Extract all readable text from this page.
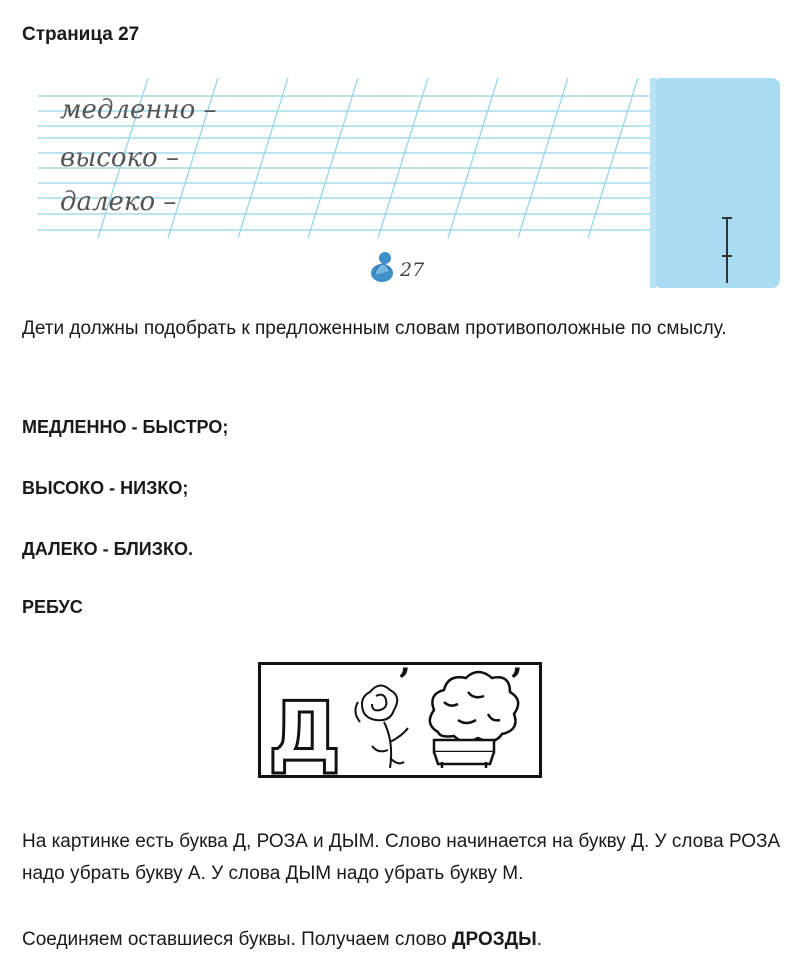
Страница 27
медленно –
высоко –
далеко –
27
Дети должны подобрать к предложенным словам противоположные по смыслу.
МЕДЛЕННО - БЫСТРО;
ВЫСОКО - НИЗКО;
ДАЛЕКО - БЛИЗКО.
РЕБУС
Д
’	’
На картинке есть буква Д, РОЗА и ДЫМ. Слово начинается на букву Д. У слова РОЗА надо убрать букву А. У слова ДЫМ надо убрать букву М.
Соединяем оставшиеся буквы. Получаем слово ДРОЗДЫ.
